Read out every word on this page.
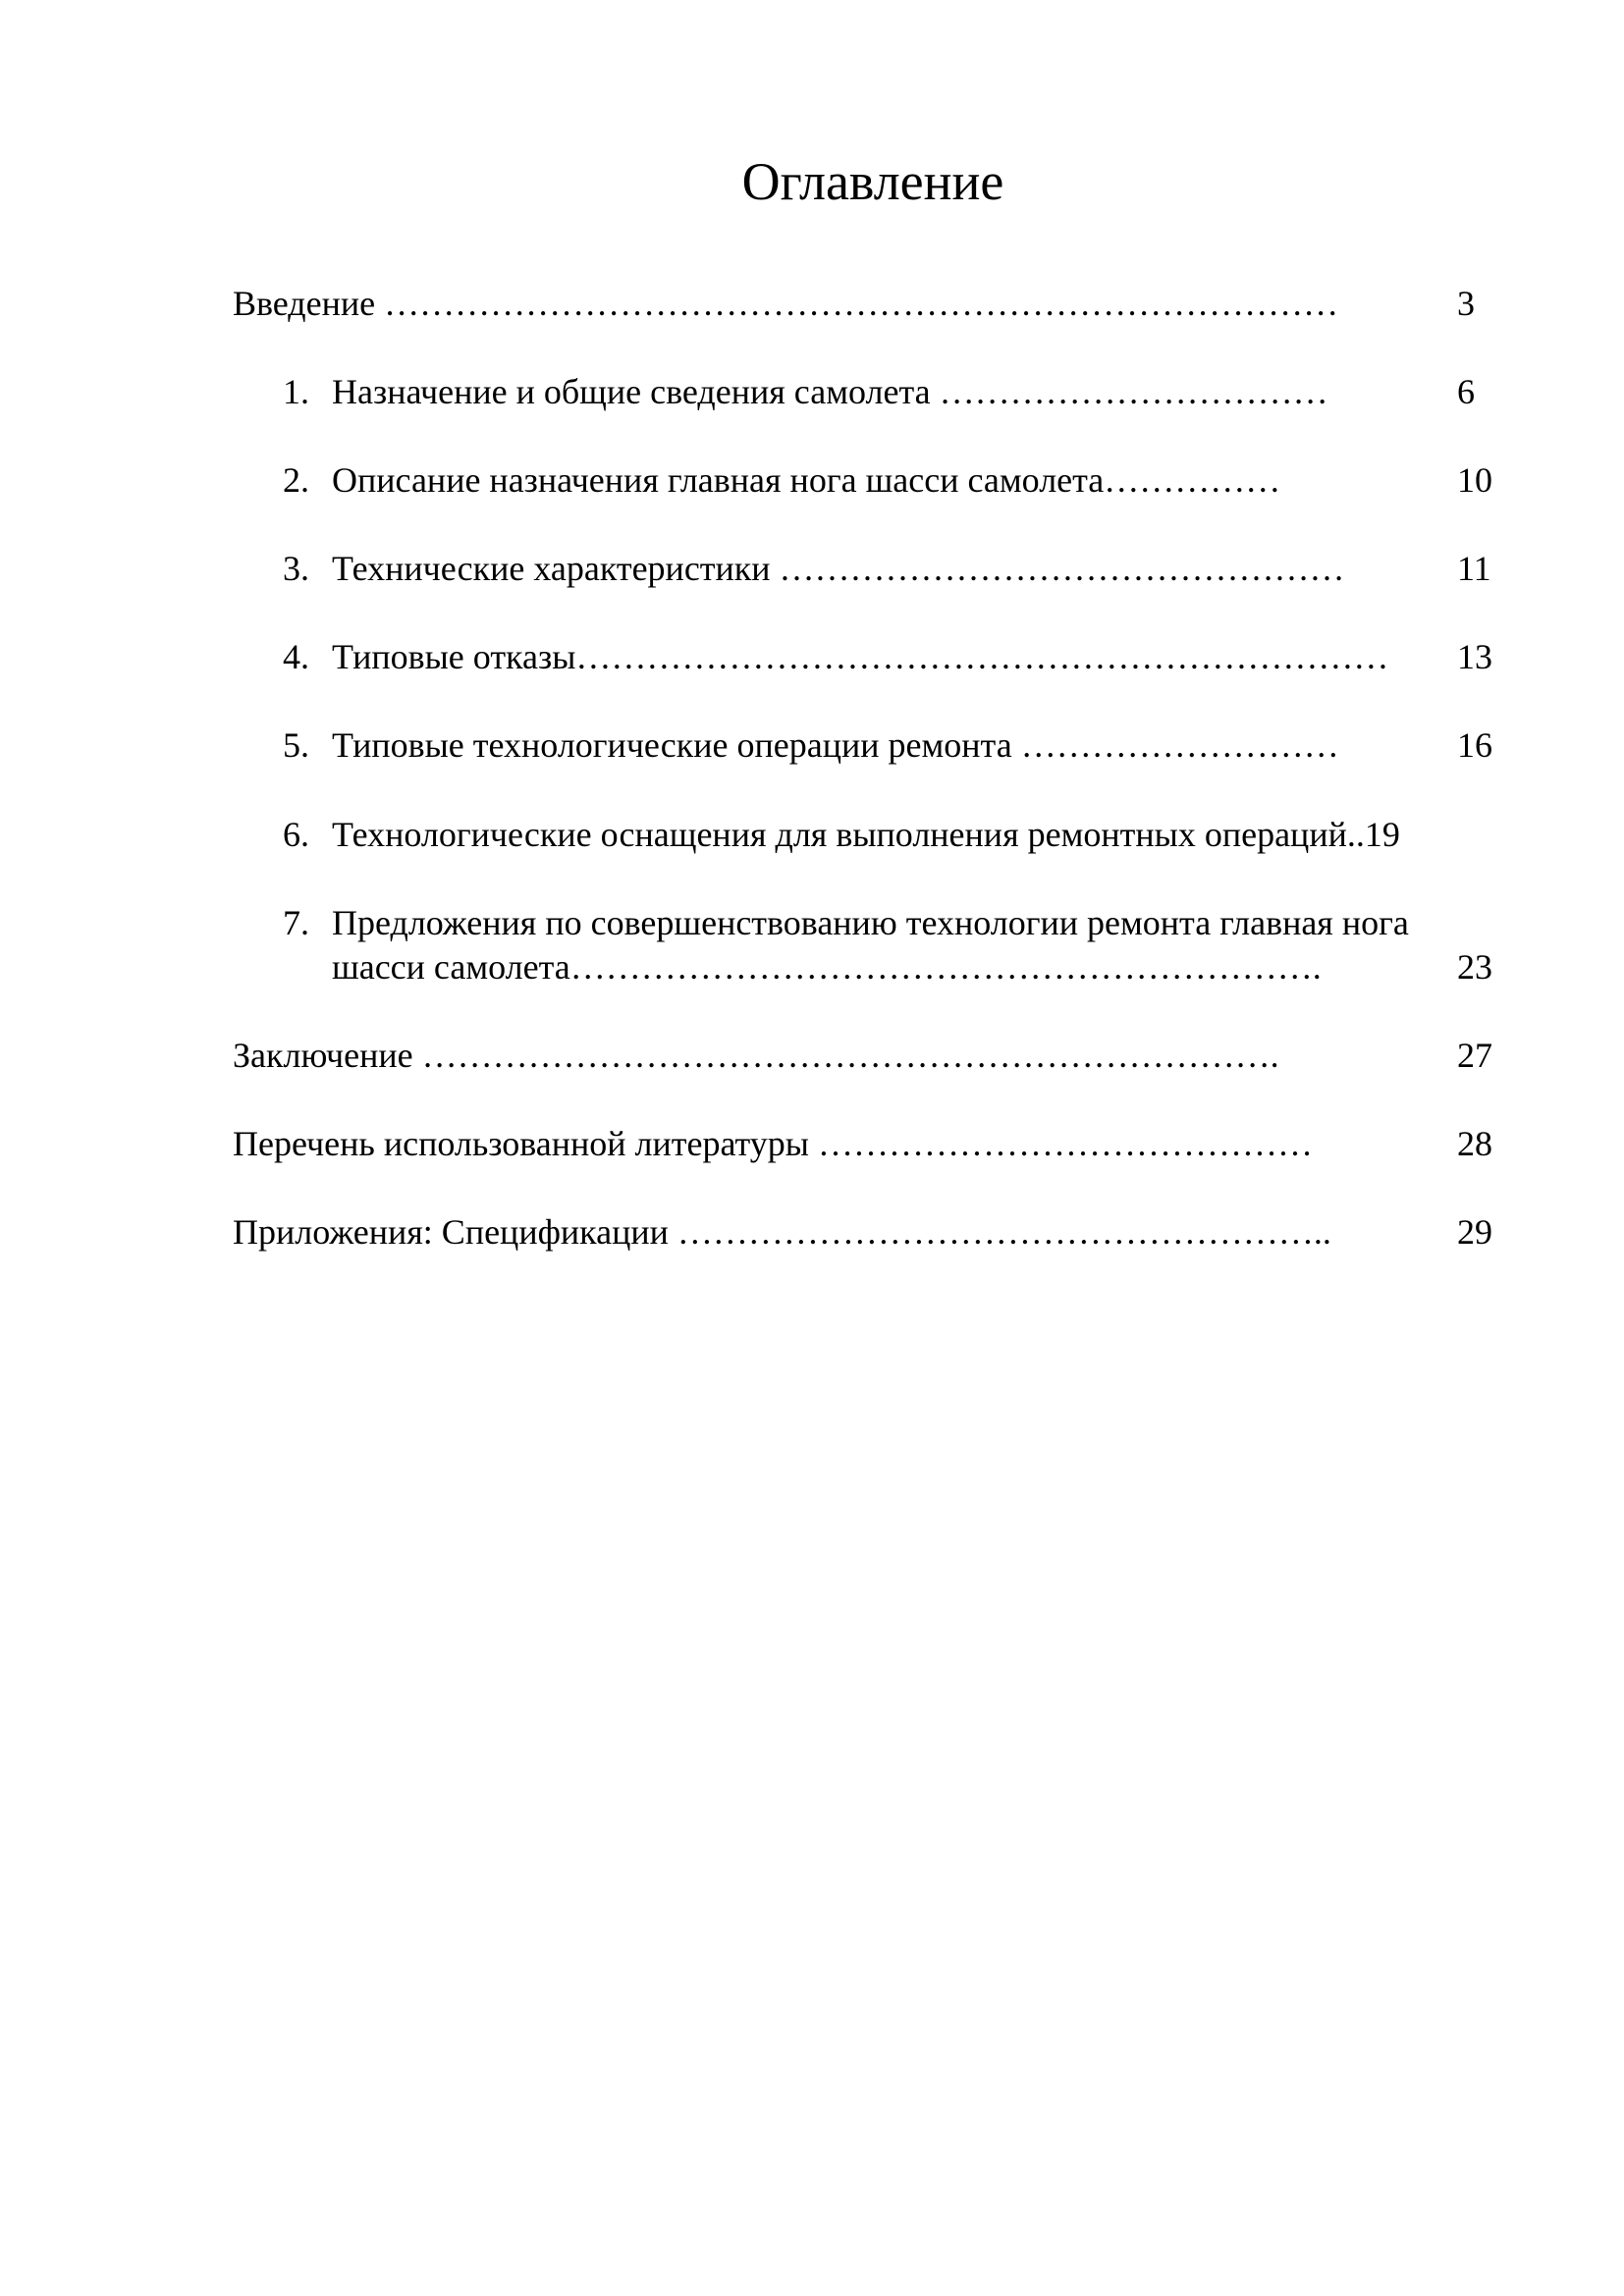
Оглавление
Введение ………………………………………………………………………	3
1. Назначение и общие сведения самолета ……………………………	6
2. Описание назначения главная нога шасси самолета……………	10
3. Технические характеристики …………………………………………	11
4. Типовые отказы…………………………………………………………… 13
5. Типовые технологические операции ремонта ………………………	16
6. Технологические оснащения для выполнения ремонтных операций..19
7. Предложения по совершенствованию технологии ремонта главная нога
шасси самолета……………………………………………………….	23
Заключение ……………………………………………………………….	27
Перечень использованной литературы ……………………………………	28
Приложения: Спецификации ………………………………………………..	29
